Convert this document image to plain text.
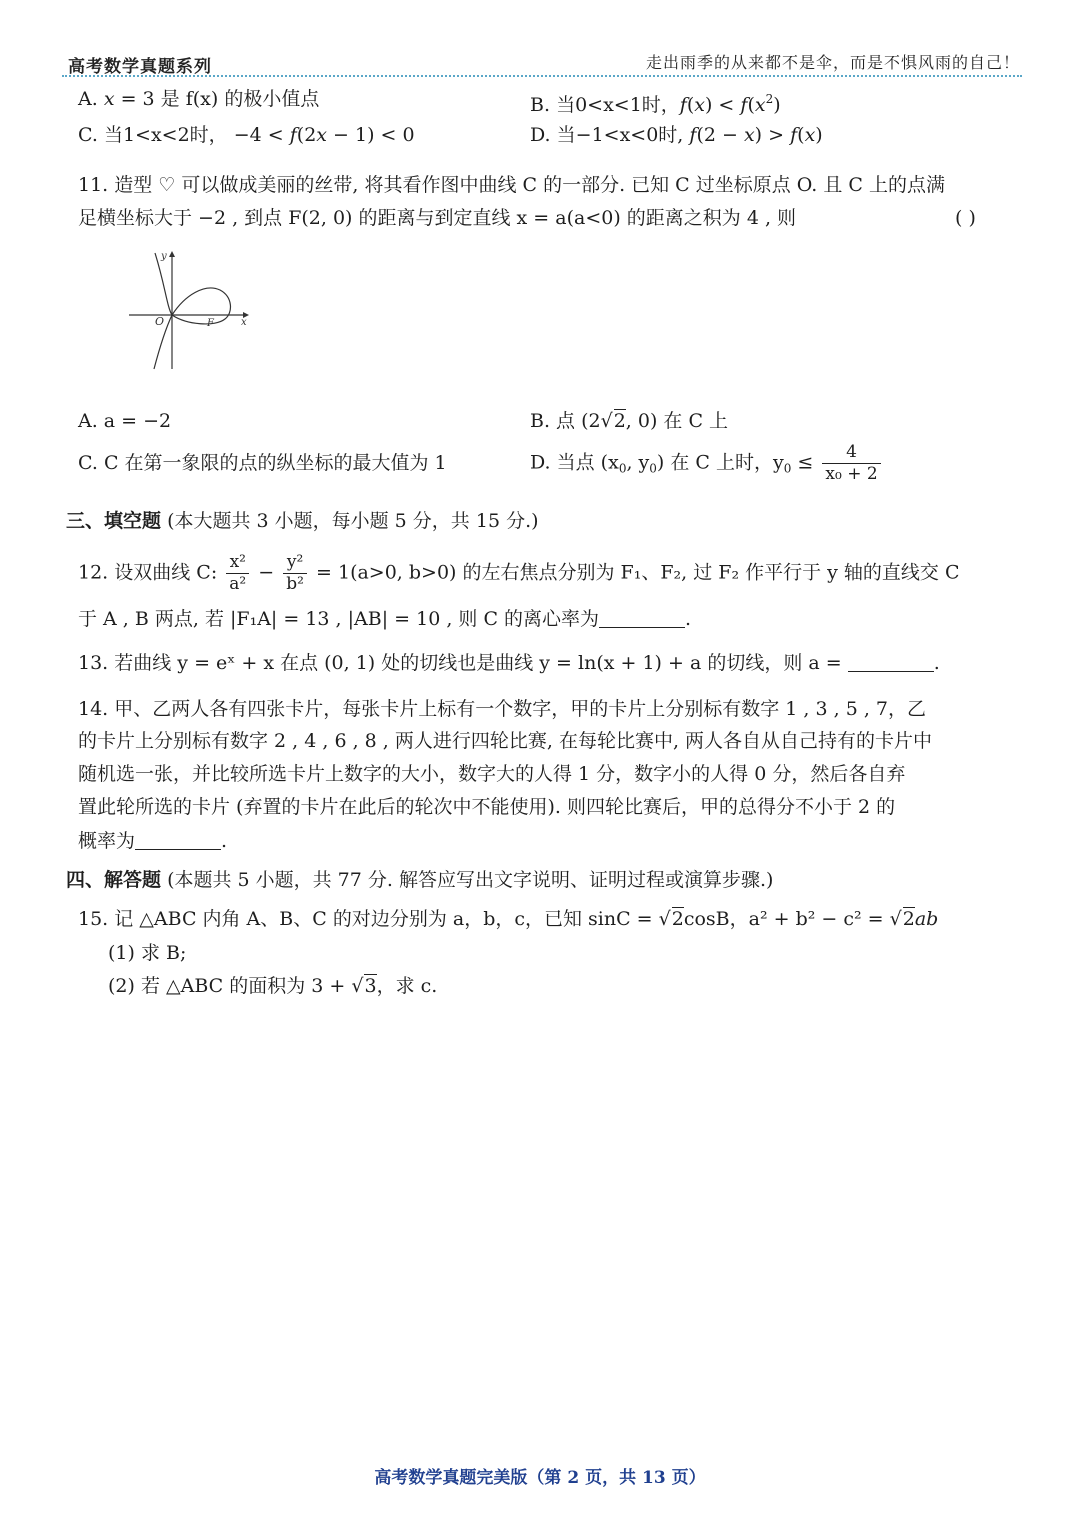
高考数学真题系列	走出雨季的从来都不是伞，而是不惧风雨的自己！
A. x = 3 是 f(x) 的极小值点	B. 当0<x<1时，$f(x) < f(x^2)$
C. 当1<x<2时， −4 < f(2x − 1) < 0	D. 当−1<x<0时, f(2 − x) > f(x)
11. 造型 ♡ 可以做成美丽的丝带, 将其看作图中曲线 C 的一部分. 已知 C 过坐标原点 O. 且 C 上的点满
足横坐标大于 −2 , 到点 F(2, 0) 的距离与到定直线 x = a(a<0) 的距离之积为 4 , 则	( )
y
x
O	F
A. a = −2	B. 点 (2√2, 0) 在 C 上
C. C 在第一象限的点的纵坐标的最大值为 1	D. 当点 ($x_0$, $y_0$) 在 C 上时，$y_0 \le \frac{4}{\text{x₀ + 2}}$
三、填空题 (本大题共 3 小题，每小题 5 分，共 15 分.)
12. 设双曲线 C: $\frac{\text{x²}}{\text{a²}} - \frac{\text{y²}}{\text{b²}} = 1(a>0$, b>0) 的左右焦点分别为 F₁、F₂, 过 F₂ 作平行于 y 轴的直线交 C
于 A , B 两点, 若 |F₁A| = 13 , |AB| = 10 , 则 C 的离心率为	.
13. 若曲线 y = eˣ + x 在点 (0, 1) 处的切线也是曲线 y = ln(x + 1) + a 的切线，则 a =	.
14. 甲、乙两人各有四张卡片，每张卡片上标有一个数字，甲的卡片上分别标有数字 1 , 3 , 5 , 7，乙
的卡片上分别标有数字 2 , 4 , 6 , 8 , 两人进行四轮比赛, 在每轮比赛中, 两人各自从自己持有的卡片中
随机选一张，并比较所选卡片上数字的大小，数字大的人得 1 分，数字小的人得 0 分，然后各自弃
置此轮所选的卡片 (弃置的卡片在此后的轮次中不能使用). 则四轮比赛后，甲的总得分不小于 2 的
概率为	.
四、解答题 (本题共 5 小题，共 77 分. 解答应写出文字说明、证明过程或演算步骤.)
15. 记 △ABC 内角 A、B、C 的对边分别为 a，b，c，已知 sinC = √2cosB，a² + b² − c² = √2ab
(1) 求 B;
(2) 若 △ABC 的面积为 3 + √3，求 c.
高考数学真题完美版（第 2 页，共 13 页）
